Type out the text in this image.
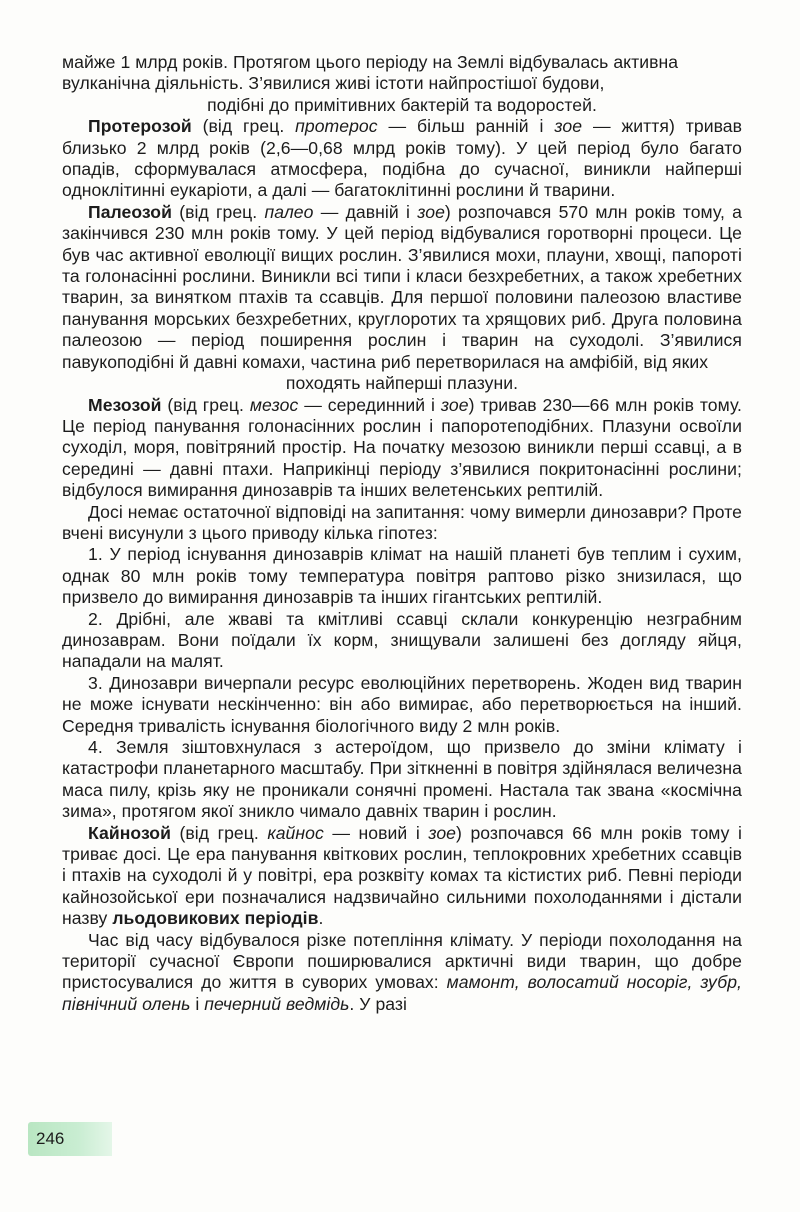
майже 1 млрд років. Протягом цього періоду на Землі відбувалась активна

вулканічна діяльність. З’явилися живі істоти найпростішої будови,

подібні до примітивних бактерій та водоростей.

Протерозой (від грец. протерос — більш ранній і зое — життя) тривав близько 2 млрд років (2,6—0,68 млрд років тому). У цей період було багато опадів, сформувалася атмосфера, подібна до сучасної, виникли найперші одноклітинні еукаріоти, а далі — багатоклітинні рослини й тварини.

Палеозой (від грец. палео — давній і зое) розпочався 570 млн років тому, а закінчився 230 млн років тому. У цей період відбувалися горотворні процеси. Це був час активної еволюції вищих рослин. З’явилися мохи, плауни, хвощі, папороті та голонасінні рослини. Виникли всі типи і класи безхребетних, а також хребетних тварин, за винятком птахів та ссавців. Для першої половини палеозою властиве панування морських безхребетних, круглоротих та хрящових риб. Друга половина палеозою — період поширення рослин і тварин на суходолі. З’явилися павукоподібні й давні комахи, частина риб перетворилася на амфібій, від яких

походять найперші плазуни.

Мезозой (від грец. мезос — серединний і зое) тривав 230—66 млн років тому. Це період панування голонасінних рослин і папоротеподібних. Плазуни освоїли суходіл, моря, повітряний простір. На початку мезозою виникли перші ссавці, а в середині — давні птахи. Наприкінці періоду з’явилися покритонасінні рослини; відбулося вимирання динозаврів та інших велетенських рептилій.

Досі немає остаточної відповіді на запитання: чому вимерли динозаври? Проте вчені висунули з цього приводу кілька гіпотез:

1. У період існування динозаврів клімат на нашій планеті був теплим і сухим, однак 80 млн років тому температура повітря раптово різко знизилася, що призвело до вимирання динозаврів та інших гігантських рептилій.

2. Дрібні, але жваві та кмітливі ссавці склали конкуренцію незграбним динозаврам. Вони поїдали їх корм, знищували залишені без догляду яйця, нападали на малят.

3. Динозаври вичерпали ресурс еволюційних перетворень. Жоден вид тварин не може існувати нескінченно: він або вимирає, або перетворюється на інший. Середня тривалість існування біологічного виду 2 млн років.

4. Земля зіштовхнулася з астероїдом, що призвело до зміни клімату і катастрофи планетарного масштабу. При зіткненні в повітря здійнялася величезна маса пилу, крізь яку не проникали сонячні промені. Настала так звана «космічна зима», протягом якої зникло чимало давніх тварин і рослин.

Кайнозой (від грец. кайнос — новий і зое) розпочався 66 млн років тому і триває досі. Це ера панування квіткових рослин, теплокровних хребетних ссавців і птахів на суходолі й у повітрі, ера розквіту комах та кістистих риб. Певні періоди кайнозойської ери позначалися надзвичайно сильними похолоданнями і дістали назву льодовикових періодів.

Час від часу відбувалося різке потепління клімату. У періоди похолодання на території сучасної Європи поширювалися арктичні види тварин, що добре пристосувалися до життя в суворих умовах: мамонт, волосатий носоріг, зубр, північний олень і печерний ведмідь. У разі

246
